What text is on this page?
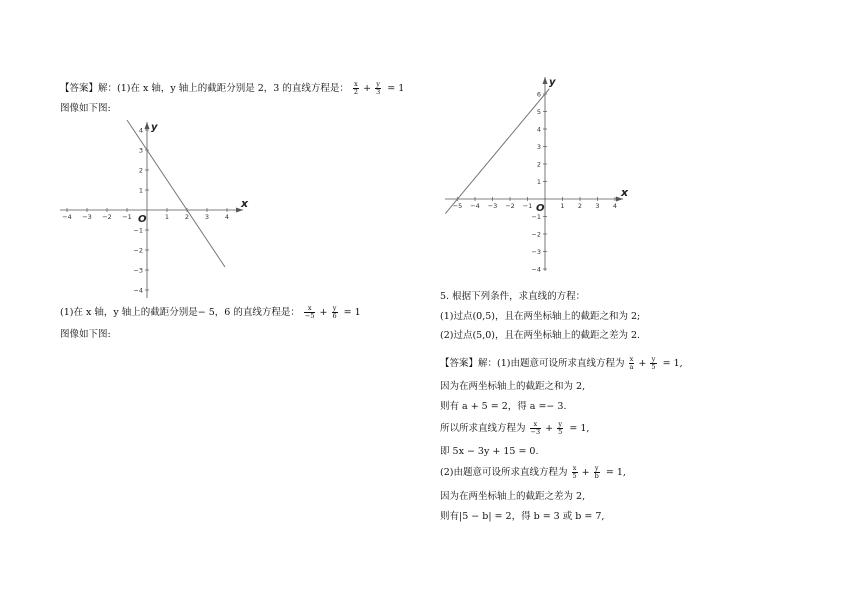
【答案】解：(1)在 x 轴，y 轴上的截距分别是 2，3 的直线方程是： $\frac{x}{2} + \frac{y}{3} = 1$
图像如下图:
−4 −3 −2 −1	1 2 3 4
4
3
2
1
−1
−2
−3
−4
x
y
O
(1)在 x 轴，y 轴上的截距分别是− 5，6 的直线方程是： $\frac{x}{-5} + \frac{y}{6} = 1$
图像如下图:
−5 −4 −3 −2 −1	1 2 3 4
6
5
4
3
2
1
−1
−2
−3
−4
x
y
O
5. 根据下列条件，求直线的方程：
(1)过点(0,5)，且在两坐标轴上的截距之和为 2;
(2)过点(5,0)，且在两坐标轴上的截距之差为 2.
【答案】解：(1)由题意可设所求直线方程为 $\frac{x}{a} + \frac{y}{5} = 1$,
因为在两坐标轴上的截距之和为 2,
则有 a + 5 = 2，得 a =− 3.
所以所求直线方程为 $\frac{x}{-3} + \frac{y}{5} = 1$,
即 5x − 3y + 15 = 0.
(2)由题意可设所求直线方程为 $\frac{x}{5} + \frac{y}{b} = 1$,
因为在两坐标轴上的截距之差为 2,
则有|5 − b| = 2，得 b = 3 或 b = 7,
